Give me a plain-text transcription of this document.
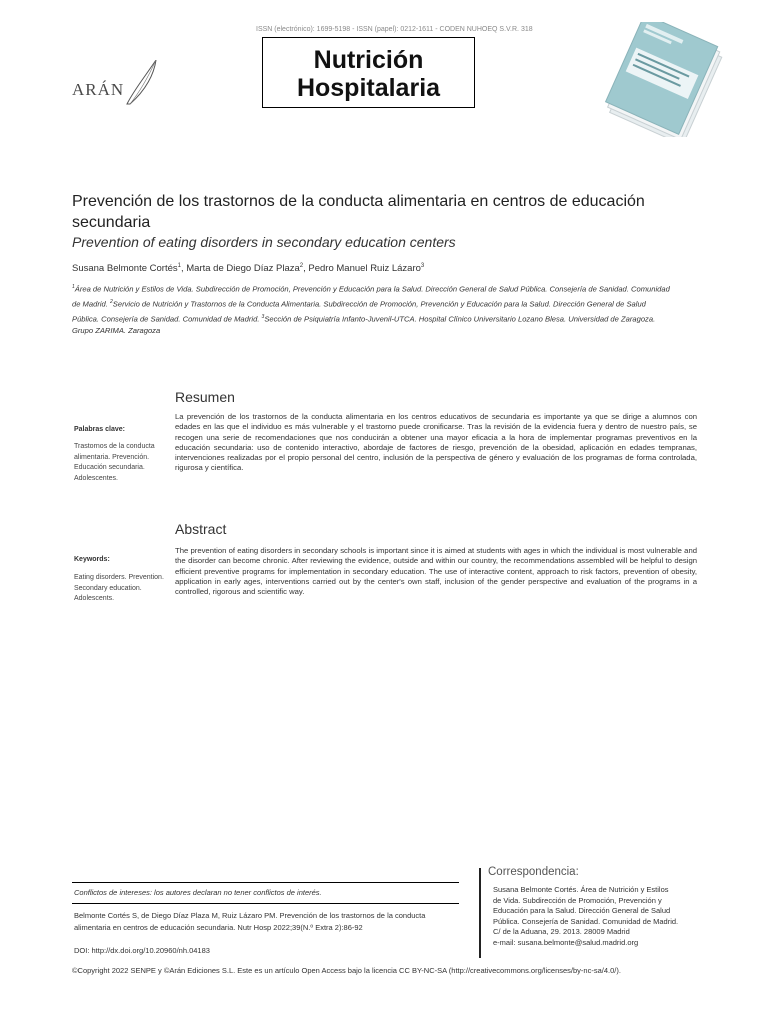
ARÁN
ISSN (electrónico): 1699-5198 - ISSN (papel): 0212-1611 - CODEN NUHOEQ S.V.R. 318
Nutrición
Hospitalaria
Prevención de los trastornos de la conducta alimentaria en centros de educación secundaria
Prevention of eating disorders in secondary education centers
Susana Belmonte Cortés$^1$, Marta de Diego Díaz Plaza$^2$, Pedro Manuel Ruiz Lázaro$^3$
$^1$Área de Nutrición y Estilos de Vida. Subdirección de Promoción, Prevención y Educación para la Salud. Dirección General de Salud Pública. Consejería de Sanidad. Comunidad de Madrid. $^2$Servicio de Nutrición y Trastornos de la Conducta Alimentaria. Subdirección de Promoción, Prevención y Educación para la Salud. Dirección General de Salud Pública. Consejería de Sanidad. Comunidad de Madrid. $^3$Sección de Psiquiatría Infanto-Juvenil-UTCA. Hospital Clínico Universitario Lozano Blesa. Universidad de Zaragoza. Grupo ZARIMA. Zaragoza
Resumen
Palabras clave:
Trastornos de la conducta alimentaria. Prevención. Educación secundaria. Adolescentes.
La prevención de los trastornos de la conducta alimentaria en los centros educativos de secundaria es importante ya que se dirige a alumnos con edades en las que el individuo es más vulnerable y el trastorno puede cronificarse. Tras la revisión de la evidencia fuera y dentro de nuestro país, se recogen una serie de recomendaciones que nos conducirán a obtener una mayor eficacia a la hora de implementar programas preventivos en la educación secundaria: uso de contenido interactivo, abordaje de factores de riesgo, prevención de la obesidad, aplicación en edades tempranas, intervenciones realizadas por el propio personal del centro, inclusión de la perspectiva de género y evaluación de los programas de forma controlada, rigurosa y científica.
Abstract
Keywords:
Eating disorders. Prevention. Secondary education. Adolescents.
The prevention of eating disorders in secondary schools is important since it is aimed at students with ages in which the individual is most vulnerable and the disorder can become chronic. After reviewing the evidence, outside and within our country, the recommendations assembled will be helpful to design efficient preventive programs for implementation in secondary education. The use of interactive content, approach to risk factors, prevention of obesity, application in early ages, interventions carried out by the center's own staff, inclusion of the gender perspective and evaluation of the programs in a controlled, rigorous and scientific way.
Conflictos de intereses: los autores declaran no tener conflictos de interés.
Belmonte Cortés S, de Diego Díaz Plaza M, Ruiz Lázaro PM. Prevención de los trastornos de la conducta alimentaria en centros de educación secundaria. Nutr Hosp 2022;39(N.º Extra 2):86-92
DOI: http://dx.doi.org/10.20960/nh.04183
Correspondencia:
Susana Belmonte Cortés. Área de Nutrición y Estilos
de Vida. Subdirección de Promoción, Prevención y
Educación para la Salud. Dirección General de Salud
Pública. Consejería de Sanidad. Comunidad de Madrid.
C/ de la Aduana, 29. 2013. 28009 Madrid
e-mail: susana.belmonte@salud.madrid.org
©Copyright 2022 SENPE y ©Arán Ediciones S.L. Este es un artículo Open Access bajo la licencia CC BY-NC-SA (http://creativecommons.org/licenses/by-nc-sa/4.0/).
